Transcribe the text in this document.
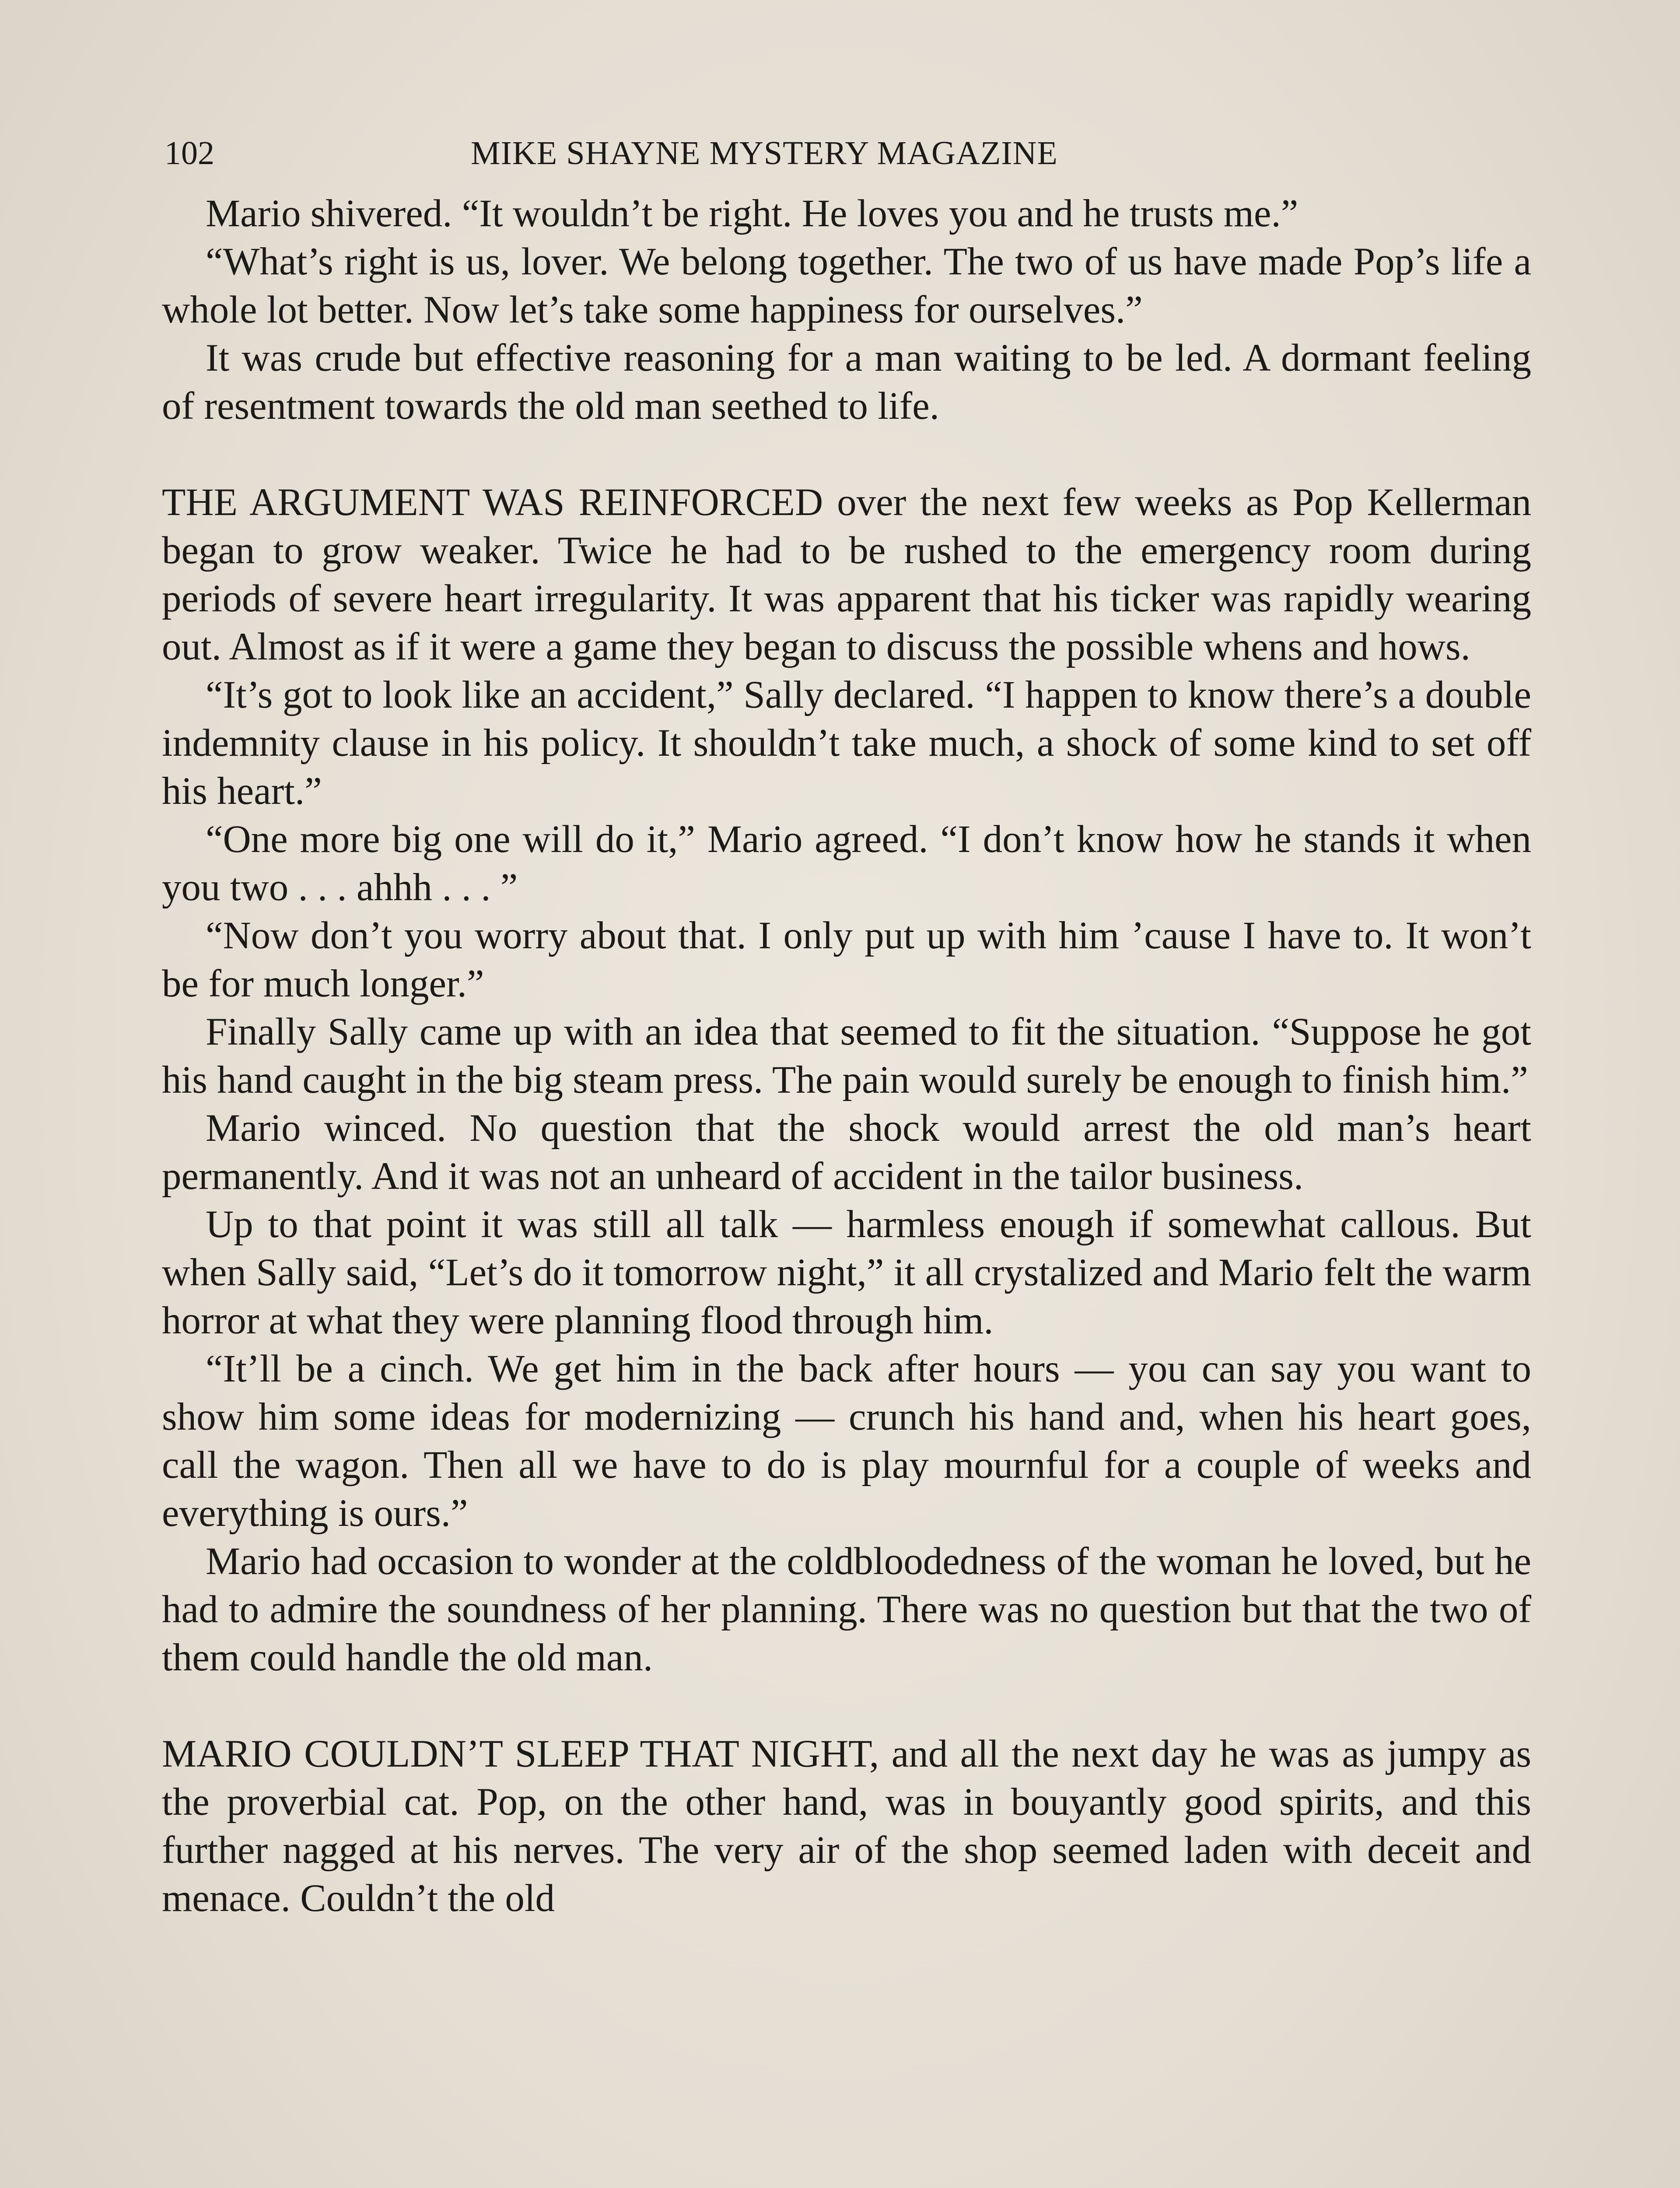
102	MIKE SHAYNE MYSTERY MAGAZINE

Mario shivered. “It wouldn’t be right. He loves you and he trusts me.”

“What’s right is us, lover. We belong together. The two of us have made Pop’s life a whole lot better. Now let’s take some happiness for ourselves.”

It was crude but effective reasoning for a man waiting to be led. A dormant feeling of resentment towards the old man seethed to life.

THE ARGUMENT WAS REINFORCED over the next few weeks as Pop Kellerman began to grow weaker. Twice he had to be rushed to the emergency room during periods of severe heart irregularity. It was apparent that his ticker was rapidly wearing out. Almost as if it were a game they began to discuss the possible whens and hows.

“It’s got to look like an accident,” Sally declared. “I happen to know there’s a double indemnity clause in his policy. It shouldn’t take much, a shock of some kind to set off his heart.”

“One more big one will do it,” Mario agreed. “I don’t know how he stands it when you two . . . ahhh . . . ”

“Now don’t you worry about that. I only put up with him ’cause I have to. It won’t be for much longer.”

Finally Sally came up with an idea that seemed to fit the situation. “Suppose he got his hand caught in the big steam press. The pain would surely be enough to finish him.”

Mario winced. No question that the shock would arrest the old man’s heart permanently. And it was not an unheard of accident in the tailor business.

Up to that point it was still all talk — harmless enough if somewhat callous. But when Sally said, “Let’s do it tomorrow night,” it all crystalized and Mario felt the warm horror at what they were planning flood through him.

“It’ll be a cinch. We get him in the back after hours — you can say you want to show him some ideas for modernizing — crunch his hand and, when his heart goes, call the wagon. Then all we have to do is play mournful for a couple of weeks and everything is ours.”

Mario had occasion to wonder at the coldbloodedness of the woman he loved, but he had to admire the soundness of her planning. There was no question but that the two of them could handle the old man.

MARIO COULDN’T SLEEP THAT NIGHT, and all the next day he was as jumpy as the proverbial cat. Pop, on the other hand, was in bouyantly good spirits, and this further nagged at his nerves. The very air of the shop seemed laden with deceit and menace. Couldn’t the old
